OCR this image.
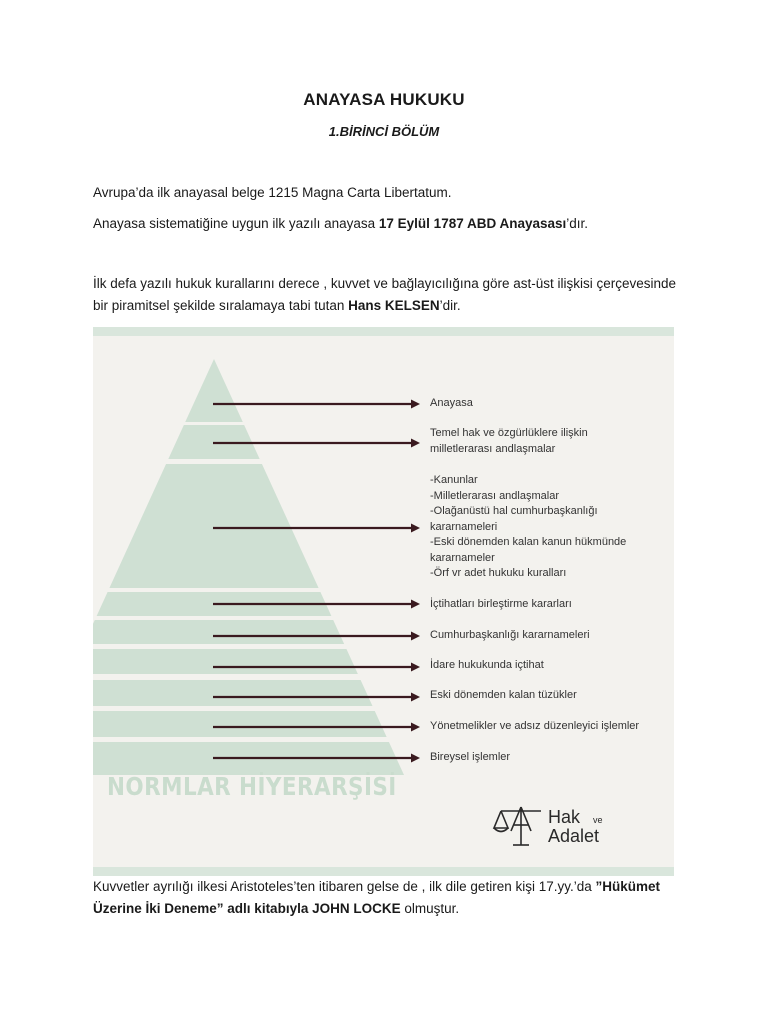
ANAYASA HUKUKU
1.BİRİNCİ BÖLÜM
Avrupa’da ilk anayasal belge 1215 Magna Carta Libertatum.
Anayasa sistematiğine uygun ilk yazılı anayasa 17 Eylül 1787 ABD Anayasası’dır.
İlk defa yazılı hukuk kurallarını derece , kuvvet ve bağlayıcılığına göre ast-üst ilişkisi çerçevesinde bir piramitsel şekilde sıralamaya tabi tutan Hans KELSEN’dir.
Anayasa
Temel hak ve özgürlüklere ilişkin
milletlerarası andlaşmalar
-Kanunlar
-Milletlerarası andlaşmalar
-Olağanüstü hal cumhurbaşkanlığı
kararnameleri
-Eski dönemden kalan kanun hükmünde
kararnameler
-Örf vr adet hukuku kuralları
İçtihatları birleştirme kararları
Cumhurbaşkanlığı kararnameleri
İdare hukukunda içtihat
Eski dönemden kalan tüzükler
Yönetmelikler ve adsız düzenleyici işlemler
Bireysel işlemler
NORMLAR HİYERARŞİSİ
Hak ve
Adalet
Kuvvetler ayrılığı ilkesi Aristoteles’ten itibaren gelse de , ilk dile getiren kişi 17.yy.’da ”Hükümet Üzerine İki Deneme” adlı kitabıyla JOHN LOCKE olmuştur.
